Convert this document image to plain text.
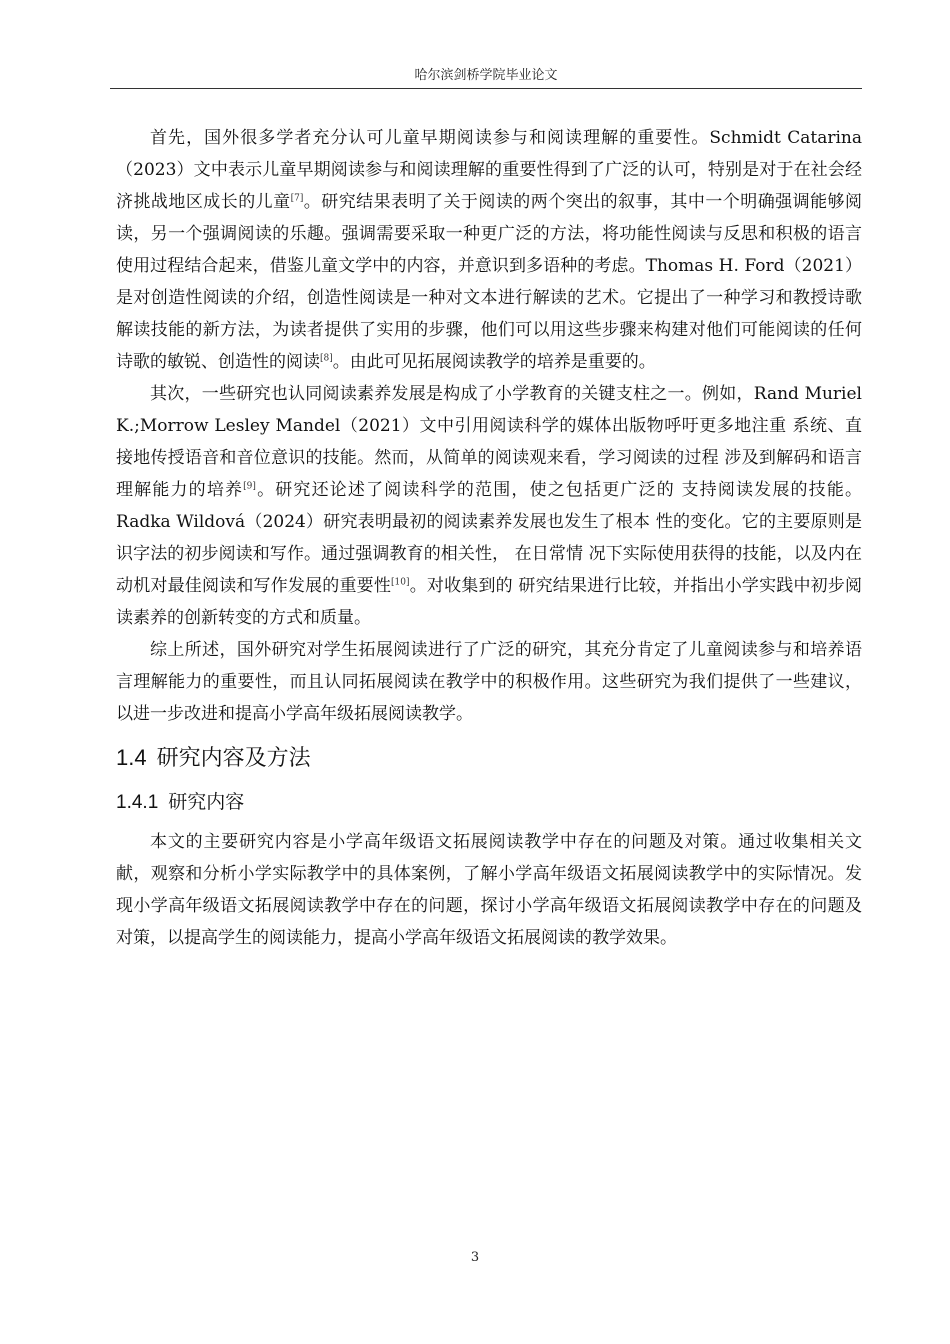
哈尔滨剑桥学院毕业论文

首先，国外很多学者充分认可儿童早期阅读参与和阅读理解的重要性。Schmidt Catarina（2023）文中表示儿童早期阅读参与和阅读理解的重要性得到了广泛的认可，特别是对于在社会经济挑战地区成长的儿童[7]。研究结果表明了关于阅读的两个突出的叙事，其中一个明确强调能够阅读，另一个强调阅读的乐趣。强调需要采取一种更广泛的方法，将功能性阅读与反思和积极的语言使用过程结合起来，借鉴儿童文学中的内容，并意识到多语种的考虑。Thomas H. Ford（2021）是对创造性阅读的介绍，创造性阅读是一种对文本进行解读的艺术。它提出了一种学习和教授诗歌解读技能的新方法，为读者提供了实用的步骤，他们可以用这些步骤来构建对他们可能阅读的任何诗歌的敏锐、创造性的阅读[8]。由此可见拓展阅读教学的培养是重要的。

其次，一些研究也认同阅读素养发展是构成了小学教育的关键支柱之一。例如，Rand Muriel K.;Morrow Lesley Mandel（2021）文中引用阅读科学的媒体出版物呼吁更多地注重 系统、直接地传授语音和音位意识的技能。然而，从简单的阅读观来看，学习阅读的过程 涉及到解码和语言理解能力的培养[9]。研究还论述了阅读科学的范围，使之包括更广泛的 支持阅读发展的技能。Radka Wildová（2024）研究表明最初的阅读素养发展也发生了根本 性的变化。它的主要原则是识字法的初步阅读和写作。通过强调教育的相关性， 在日常情 况下实际使用获得的技能，以及内在动机对最佳阅读和写作发展的重要性[10]。对收集到的 研究结果进行比较，并指出小学实践中初步阅读素养的创新转变的方式和质量。

综上所述，国外研究对学生拓展阅读进行了广泛的研究，其充分肯定了儿童阅读参与和培养语言理解能力的重要性，而且认同拓展阅读在教学中的积极作用。这些研究为我们提供了一些建议，以进一步改进和提高小学高年级拓展阅读教学。

1.4 研究内容及方法
1.4.1 研究内容

本文的主要研究内容是小学高年级语文拓展阅读教学中存在的问题及对策。通过收集相关文献，观察和分析小学实际教学中的具体案例，了解小学高年级语文拓展阅读教学中的实际情况。发现小学高年级语文拓展阅读教学中存在的问题，探讨小学高年级语文拓展阅读教学中存在的问题及对策，以提高学生的阅读能力，提高小学高年级语文拓展阅读的教学效果。

3
